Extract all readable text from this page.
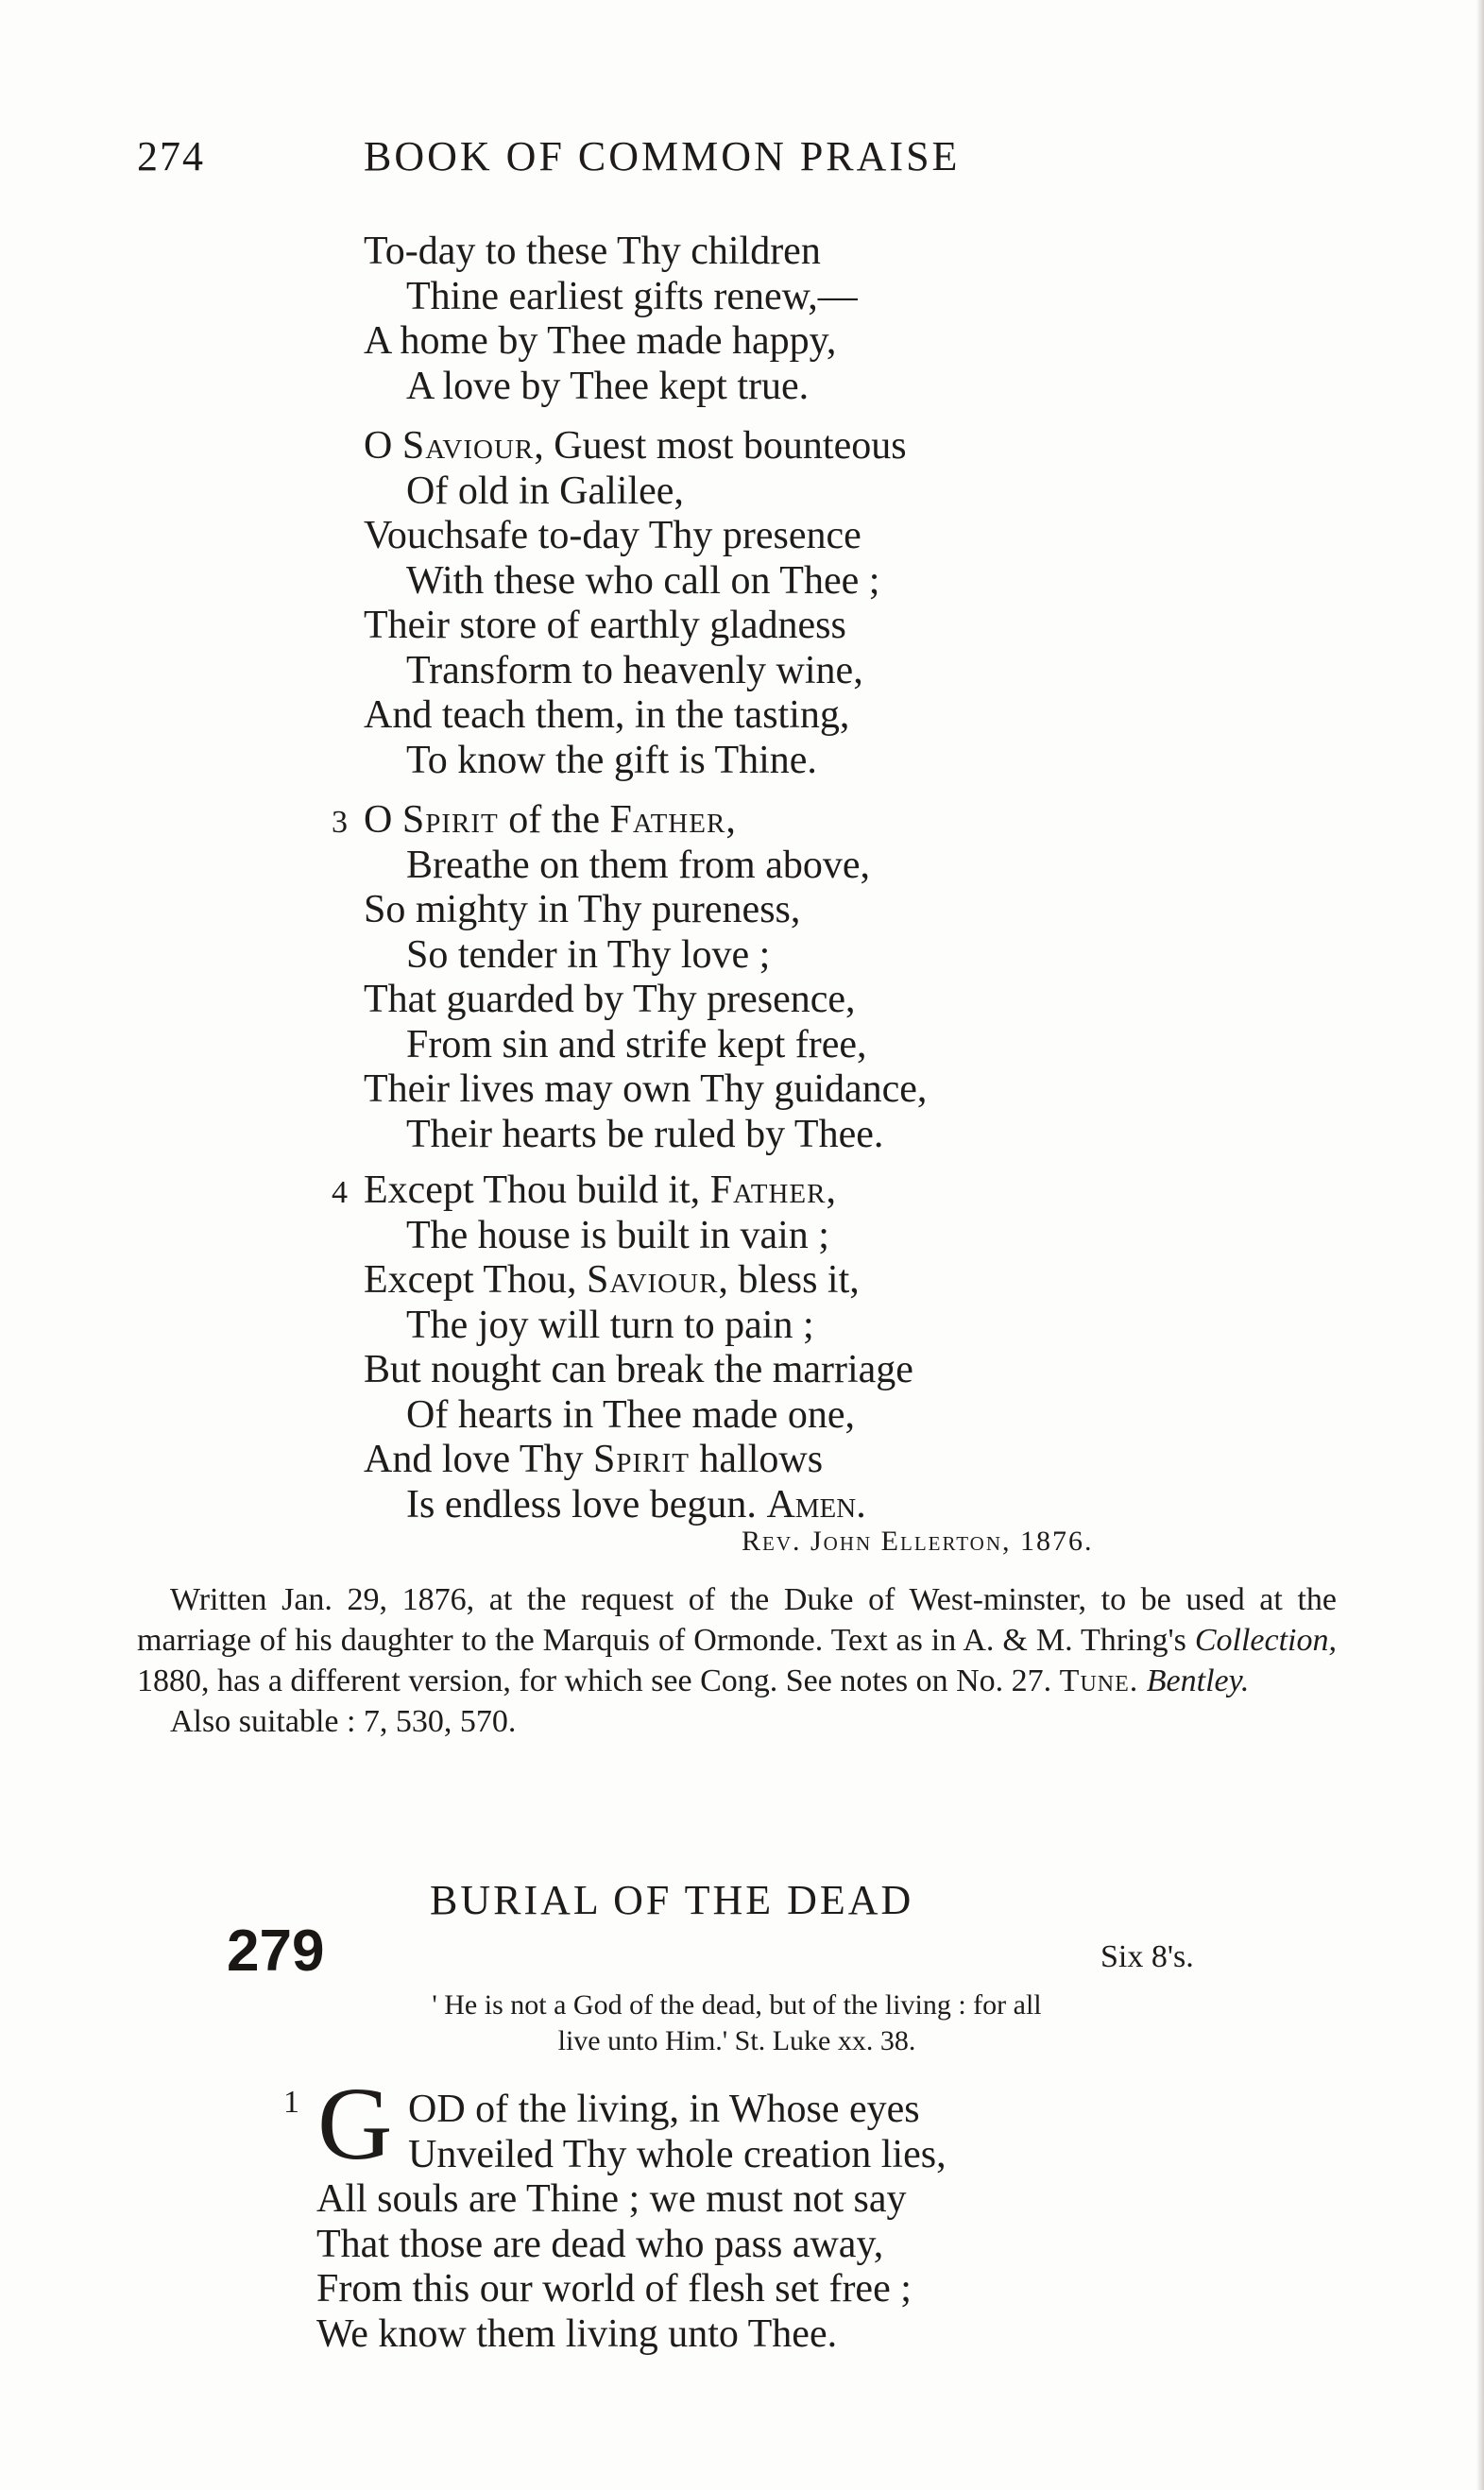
274	BOOK OF COMMON PRAISE
To-day to these Thy children
Thine earliest gifts renew,—
A home by Thee made happy,
A love by Thee kept true.
O Saviour, Guest most bounteous
Of old in Galilee,
Vouchsafe to-day Thy presence
With these who call on Thee ;
Their store of earthly gladness
Transform to heavenly wine,
And teach them, in the tasting,
To know the gift is Thine.
3 O Spirit of the Father,
Breathe on them from above,
So mighty in Thy pureness,
So tender in Thy love ;
That guarded by Thy presence,
From sin and strife kept free,
Their lives may own Thy guidance,
Their hearts be ruled by Thee.
4 Except Thou build it, Father,
The house is built in vain ;
Except Thou, Saviour, bless it,
The joy will turn to pain ;
But nought can break the marriage
Of hearts in Thee made one,
And love Thy Spirit hallows
Is endless love begun. Amen.
Rev. John Ellerton, 1876.

Written Jan. 29, 1876, at the request of the Duke of West-minster, to be used at the marriage of his daughter to the Marquis of Ormonde. Text as in A. & M. Thring's Collection, 1880, has a different version, for which see Cong. See notes on No. 27. Tune. Bentley.

Also suitable : 7, 530, 570.
BURIAL OF THE DEAD
279	Six 8's.
' He is not a God of the dead, but of the living : for all
live unto Him.' St. Luke xx. 38.
1 G OD of the living, in Whose eyes
Unveiled Thy whole creation lies,
All souls are Thine ; we must not say
That those are dead who pass away,
From this our world of flesh set free ;
We know them living unto Thee.
